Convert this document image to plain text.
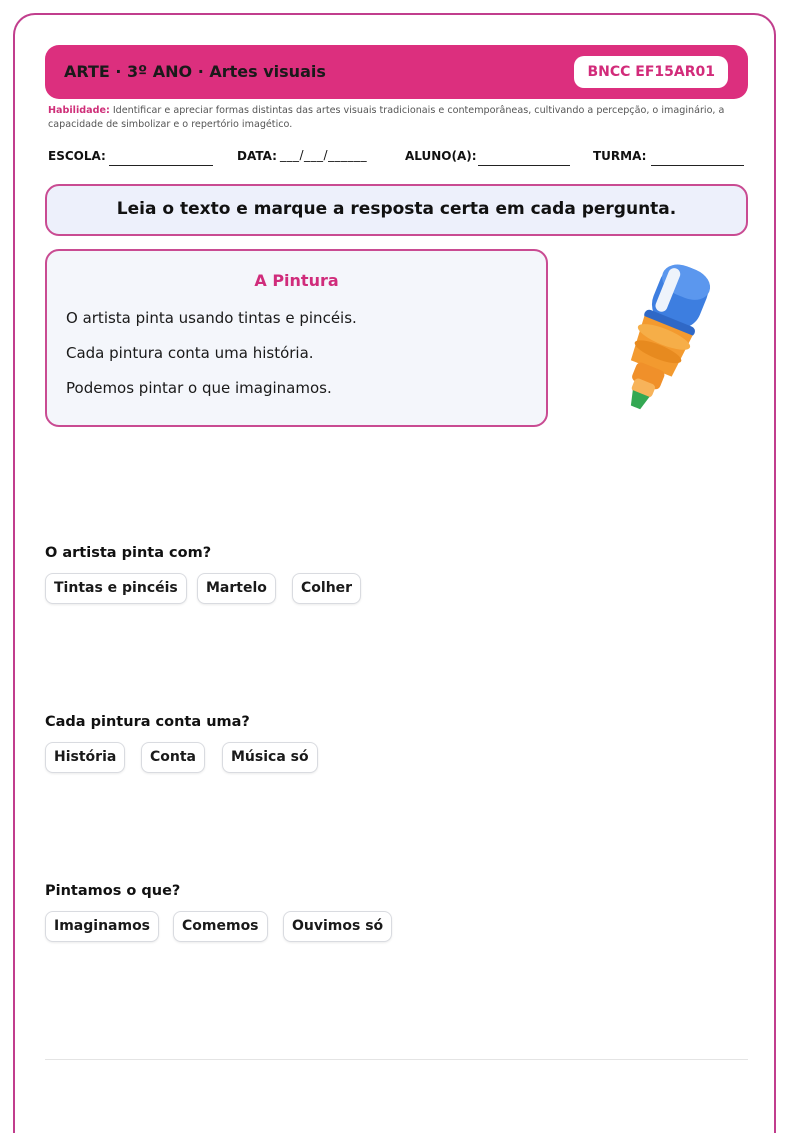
ARTE · 3º ANO · Artes visuais	BNCC EF15AR01
Habilidade: Identificar e apreciar formas distintas das artes visuais tradicionais e contemporâneas, cultivando a percepção, o imaginário, a capacidade de simbolizar e o repertório imagético.
ESCOLA:	DATA: ___/___/______	ALUNO(A):	TURMA:
Leia o texto e marque a resposta certa em cada pergunta.
A Pintura
O artista pinta usando tintas e pincéis.
Cada pintura conta uma história.
Podemos pintar o que imaginamos.
O artista pinta com?
Tintas e pincéis	Martelo	Colher
Cada pintura conta uma?
História	Conta	Música só
Pintamos o que?
Imaginamos	Comemos	Ouvimos só
